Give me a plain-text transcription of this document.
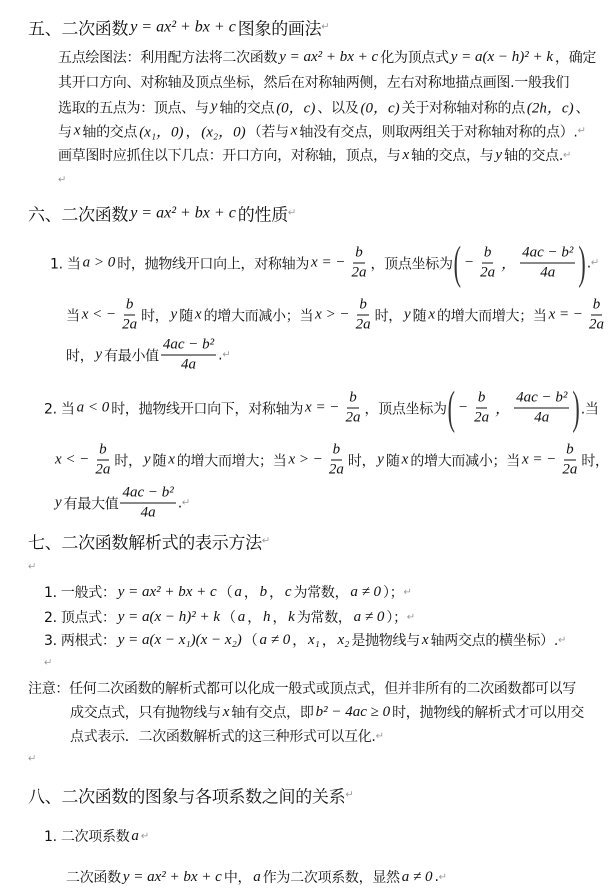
五、二次函数 y = ax² + bx + c 图象的画法 ↵
五点绘图法：利用配方法将二次函数 y = ax² + bx + c 化为顶点式 y = a(x − h)² + k ，确定
其开口方向、对称轴及顶点坐标，然后在对称轴两侧，左右对称地描点画图.一般我们
选取的五点为：顶点、与 y 轴的交点 (0，c) 、以及 (0，c) 关于对称轴对称的点 (2h，c) 、
与 x 轴的交点 (x₁，0) ， (x₂，0) （若与 x 轴没有交点，则取两组关于对称轴对称的点）. ↵
画草图时应抓住以下几点：开口方向，对称轴，顶点，与 x 轴的交点，与 y 轴的交点. ↵
↵
六、二次函数 y = ax² + bx + c 的性质 ↵
1. 当 a > 0 时，抛物线开口向上，对称轴为 x = − $\frac{b}{2a}$ ，顶点坐标为 ( − $\frac{b}{2a}$ ， $\frac{\text{4ac − b²}}{4a}$ ) . ↵
当 x < − $\frac{b}{2a}$ 时， y 随 x 的增大而减小；当 x > − $\frac{b}{2a}$ 时， y 随 x 的增大而增大；当 x = − $\frac{b}{2a}$
时， y 有最小值 $\frac{\text{4ac − b²}}{4a}$ . ↵
2. 当 a < 0 时，抛物线开口向下，对称轴为 x = − $\frac{b}{2a}$ ，顶点坐标为 ( − $\frac{b}{2a}$ ， $\frac{\text{4ac − b²}}{4a}$ ) .当
x < − $\frac{b}{2a}$ 时， y 随 x 的增大而增大；当 x > − $\frac{b}{2a}$ 时， y 随 x 的增大而减小；当 x = − $\frac{b}{2a}$ 时，
y 有最大值 $\frac{\text{4ac − b²}}{4a}$ . ↵
七、二次函数解析式的表示方法 ↵
↵
1. 一般式： y = ax² + bx + c （ a ， b ， c 为常数， a ≠ 0 ）； ↵
2. 顶点式： y = a(x − h)² + k （ a ， h ， k 为常数， a ≠ 0 ）； ↵
3. 两根式： y = a(x − x₁)(x − x₂) （ a ≠ 0 ， x₁ ， x₂ 是抛物线与 x 轴两交点的横坐标）. ↵
↵
注意：任何二次函数的解析式都可以化成一般式或顶点式，但并非所有的二次函数都可以写
成交点式，只有抛物线与 x 轴有交点，即 b² − 4ac ≥ 0 时，抛物线的解析式才可以用交
点式表示．二次函数解析式的这三种形式可以互化. ↵
↵
八、二次函数的图象与各项系数之间的关系 ↵
1. 二次项系数 a ↵
二次函数 y = ax² + bx + c 中， a 作为二次项系数，显然 a ≠ 0 . ↵
